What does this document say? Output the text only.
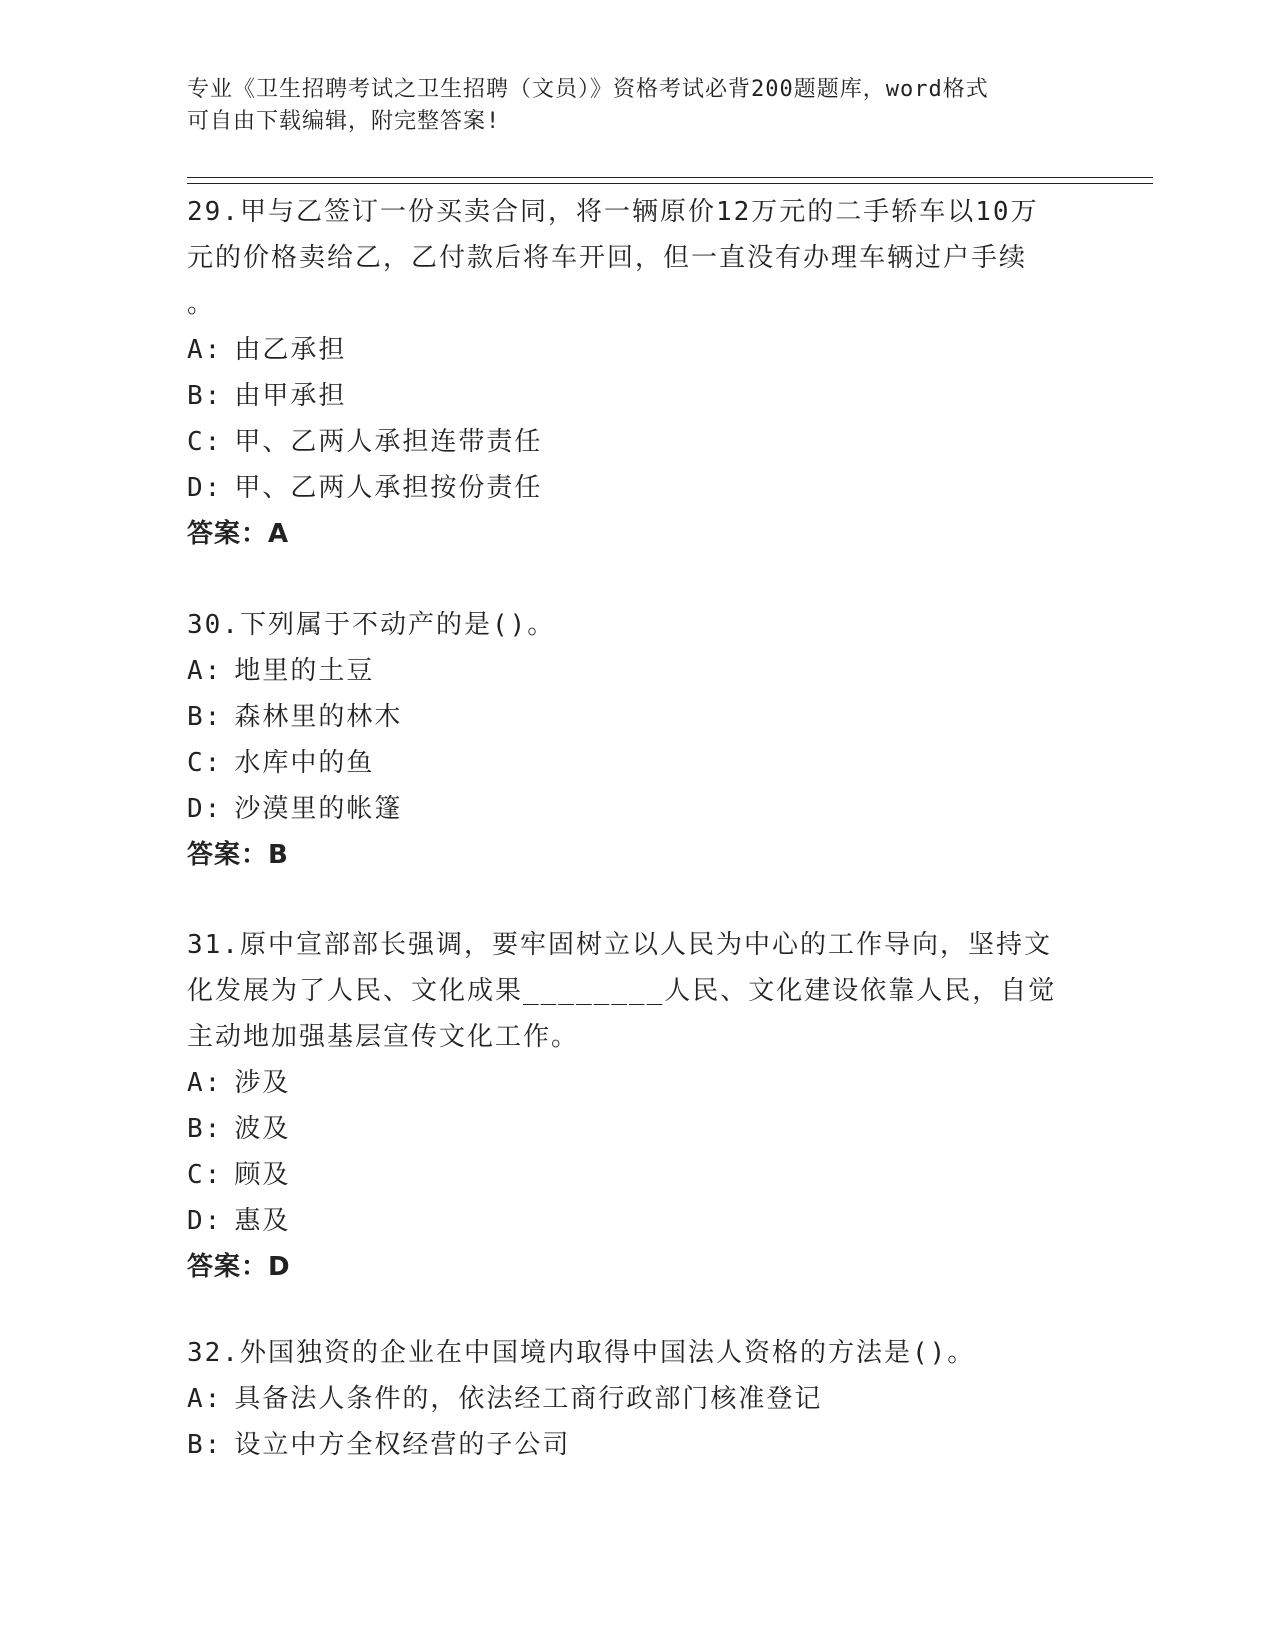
专业《卫生招聘考试之卫生招聘（文员）》资格考试必背200题题库，word格式
可自由下载编辑，附完整答案!
29.甲与乙签订一份买卖合同，将一辆原价12万元的二手轿车以10万
元的价格卖给乙，乙付款后将车开回，但一直没有办理车辆过户手续
。
A: 由乙承担
B: 由甲承担
C: 甲、乙两人承担连带责任
D: 甲、乙两人承担按份责任
答案：A
30.下列属于不动产的是()。
A: 地里的土豆
B: 森林里的林木
C: 水库中的鱼
D: 沙漠里的帐篷
答案：B
31.原中宣部部长强调，要牢固树立以人民为中心的工作导向，坚持文
化发展为了人民、文化成果________人民、文化建设依靠人民，自觉
主动地加强基层宣传文化工作。
A: 涉及
B: 波及
C: 顾及
D: 惠及
答案：D
32.外国独资的企业在中国境内取得中国法人资格的方法是()。
A: 具备法人条件的，依法经工商行政部门核准登记
B: 设立中方全权经营的子公司
